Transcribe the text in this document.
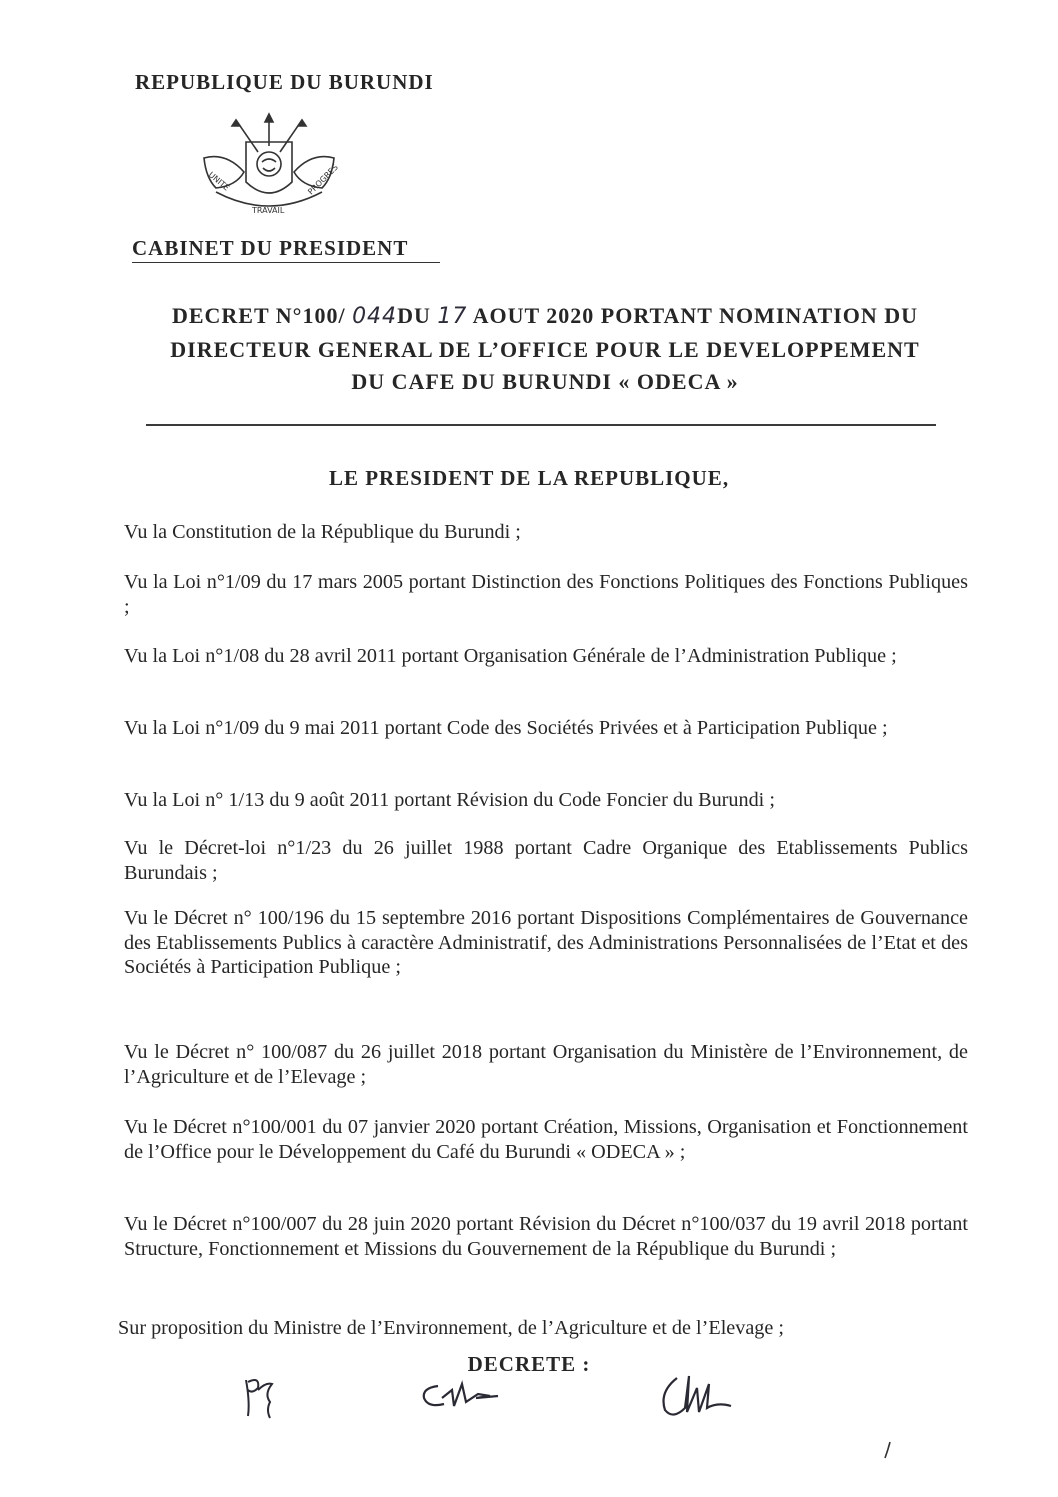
REPUBLIQUE DU BURUNDI
UNITE
TRAVAIL
PROGRES
CABINET DU PRESIDENT
DECRET N°100/ 044DU 17 AOUT 2020 PORTANT NOMINATION DU
DIRECTEUR GENERAL DE L’OFFICE POUR LE DEVELOPPEMENT
DU CAFE DU BURUNDI « ODECA »
LE PRESIDENT DE LA REPUBLIQUE,

Vu la Constitution de la République du Burundi ;

Vu la Loi n°1/09 du 17 mars 2005 portant Distinction des Fonctions Politiques des Fonctions Publiques ;

Vu la Loi n°1/08 du 28 avril 2011 portant Organisation Générale de l’Administration Publique ;

Vu la Loi n°1/09 du 9 mai 2011 portant Code des Sociétés Privées et à Participation Publique ;

Vu la Loi n° 1/13 du 9 août 2011 portant Révision du Code Foncier du Burundi ;

Vu le Décret-loi n°1/23 du 26 juillet 1988 portant Cadre Organique des Etablissements Publics Burundais ;

Vu le Décret n° 100/196 du 15 septembre 2016 portant Dispositions Complémentaires de Gouvernance des Etablissements Publics à caractère Administratif, des Administrations Personnalisées de l’Etat et des Sociétés à Participation Publique ;

Vu le Décret n° 100/087 du 26 juillet 2018 portant Organisation du Ministère de l’Environnement, de l’Agriculture et de l’Elevage ;

Vu le Décret n°100/001 du 07 janvier 2020 portant Création, Missions, Organisation et Fonctionnement de l’Office pour le Développement du Café du Burundi « ODECA » ;

Vu le Décret n°100/007 du 28 juin 2020 portant Révision du Décret n°100/037 du 19 avril 2018 portant Structure, Fonctionnement et Missions du Gouvernement de la République du Burundi ;

Sur proposition du Ministre de l’Environnement, de l’Agriculture et de l’Elevage ;

DECRETE :
